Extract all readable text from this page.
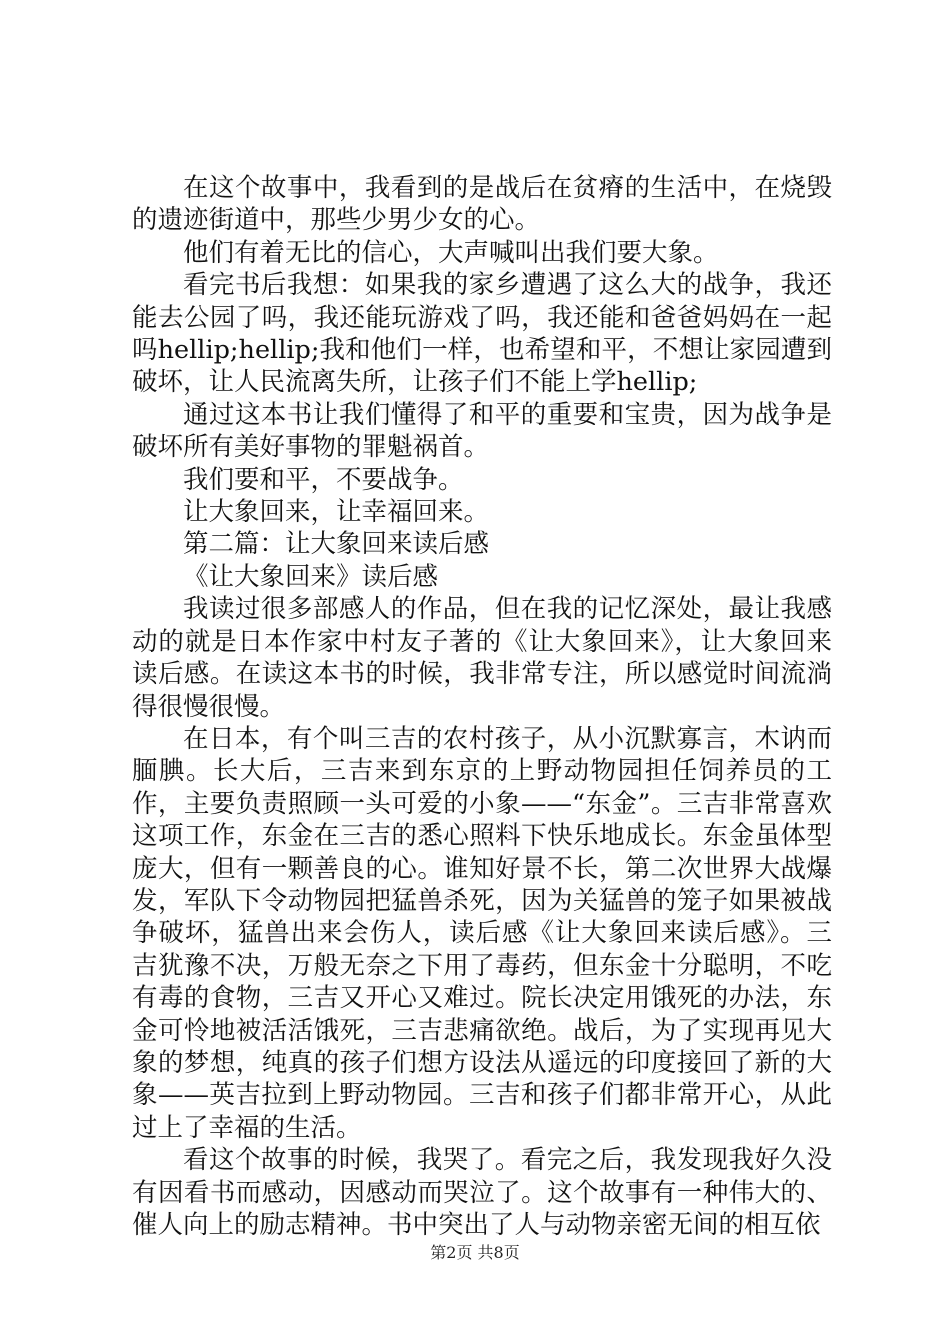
在这个故事中，我看到的是战后在贫瘠的生活中，在烧毁的遗迹街道中，那些少男少女的心。

他们有着无比的信心，大声喊叫出我们要大象。

看完书后我想：如果我的家乡遭遇了这么大的战争，我还能去公园了吗，我还能玩游戏了吗，我还能和爸爸妈妈在一起吗hellip;hellip;我和他们一样，也希望和平，不想让家园遭到破坏，让人民流离失所，让孩子们不能上学hellip;

通过这本书让我们懂得了和平的重要和宝贵，因为战争是破坏所有美好事物的罪魁祸首。

我们要和平，不要战争。

让大象回来，让幸福回来。

第二篇：让大象回来读后感

《让大象回来》读后感

我读过很多部感人的作品，但在我的记忆深处，最让我感动的就是日本作家中村友子著的《让大象回来》，让大象回来读后感。在读这本书的时候，我非常专注，所以感觉时间流淌得很慢很慢。

在日本，有个叫三吉的农村孩子，从小沉默寡言，木讷而腼腆。长大后，三吉来到东京的上野动物园担任饲养员的工作，主要负责照顾一头可爱的小象——“东金”。三吉非常喜欢这项工作，东金在三吉的悉心照料下快乐地成长。东金虽体型庞大，但有一颗善良的心。谁知好景不长，第二次世界大战爆发，军队下令动物园把猛兽杀死，因为关猛兽的笼子如果被战争破坏，猛兽出来会伤人，读后感《让大象回来读后感》。三吉犹豫不决，万般无奈之下用了毒药，但东金十分聪明，不吃有毒的食物，三吉又开心又难过。院长决定用饿死的办法，东金可怜地被活活饿死，三吉悲痛欲绝。战后，为了实现再见大象的梦想，纯真的孩子们想方设法从遥远的印度接回了新的大象——英吉拉到上野动物园。三吉和孩子们都非常开心，从此过上了幸福的生活。

看这个故事的时候，我哭了。看完之后，我发现我好久没有因看书而感动，因感动而哭泣了。这个故事有一种伟大的、催人向上的励志精神。书中突出了人与动物亲密无间的相互依

第2页 共8页
